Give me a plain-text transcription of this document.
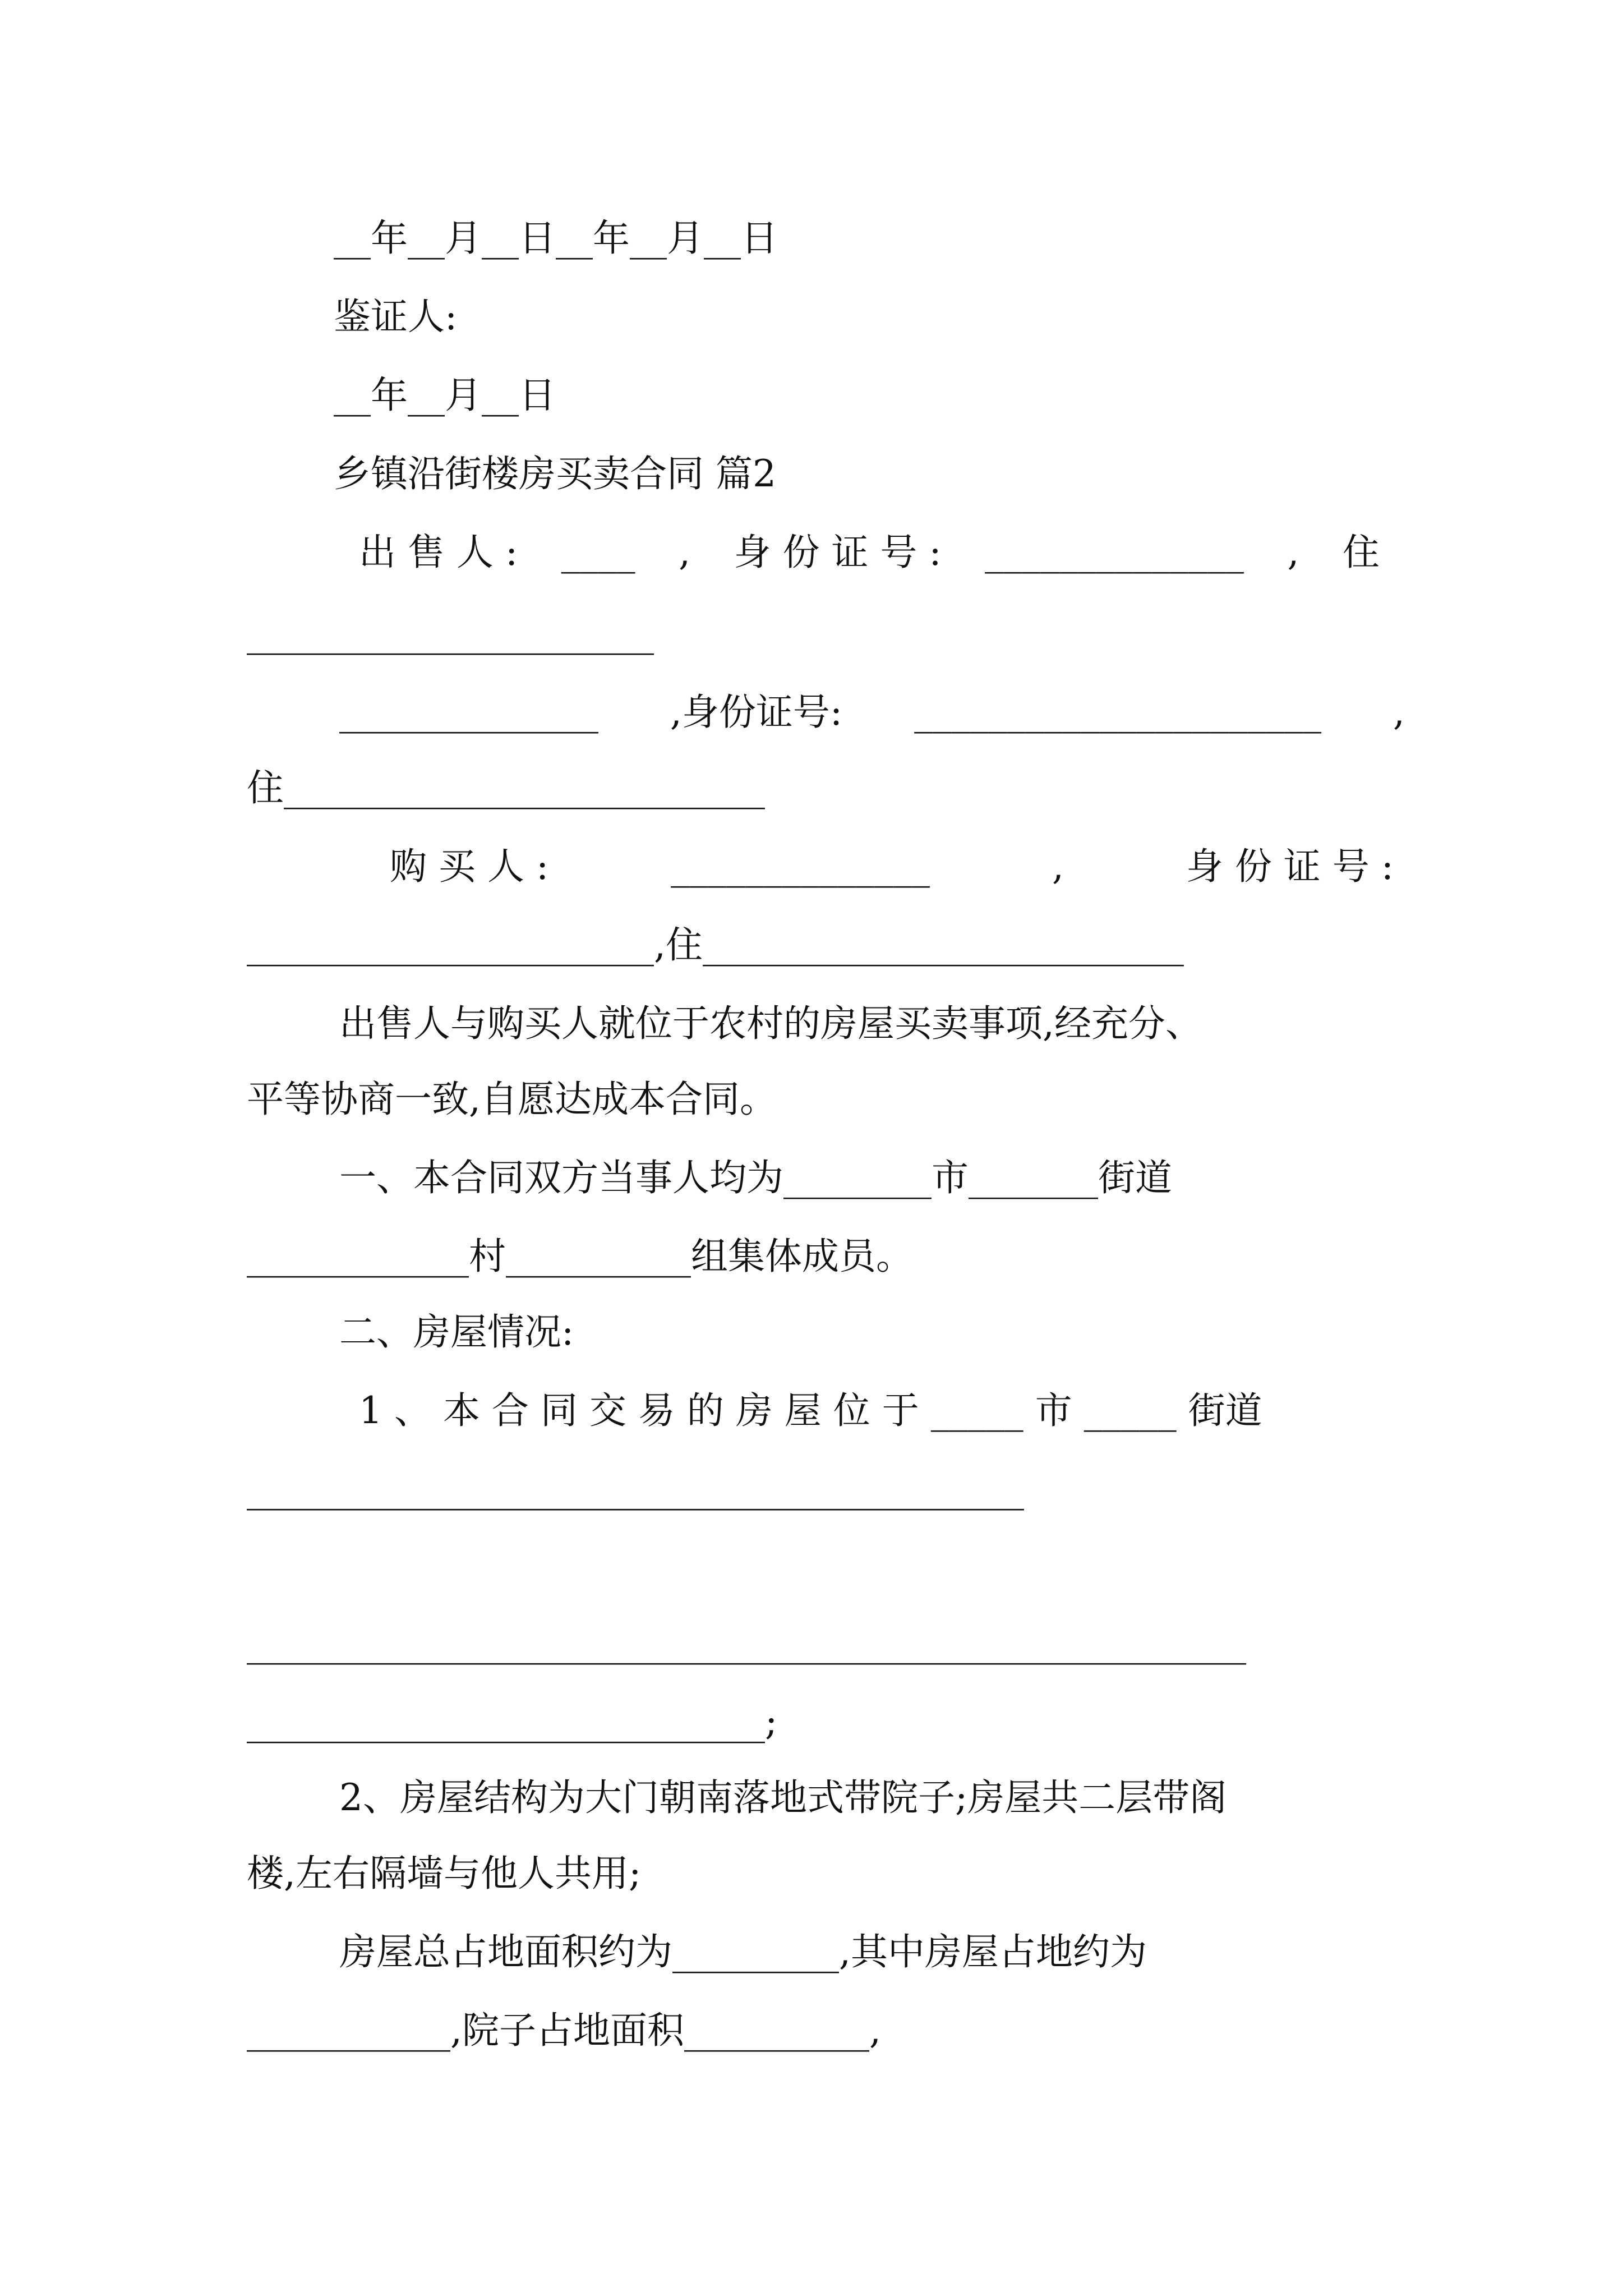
__年__月__日__年__月__日
鉴证人:
__年__月__日
乡镇沿街楼房买卖合同 篇2
出 售 人 : ____ , 身 份 证 号 : ______________ , 住
______________________
______________ ,身份证号: ______________________ ,
住__________________________
购 买 人 :	______________	,	身 份 证 号 :
______________________,住__________________________
出售人与购买人就位于农村的房屋买卖事项,经充分、
平等协商一致,自愿达成本合同。
一、本合同双方当事人均为________市_______街道
____________村__________组集体成员。
二、房屋情况:
1 、 本 合 同 交 易 的 房 屋 位 于 _____ 市 _____ 街道
__________________________________________
______________________________________________________
____________________________;
2、房屋结构为大门朝南落地式带院子;房屋共二层带阁
楼,左右隔墙与他人共用;
房屋总占地面积约为_________,其中房屋占地约为
___________,院子占地面积__________,
